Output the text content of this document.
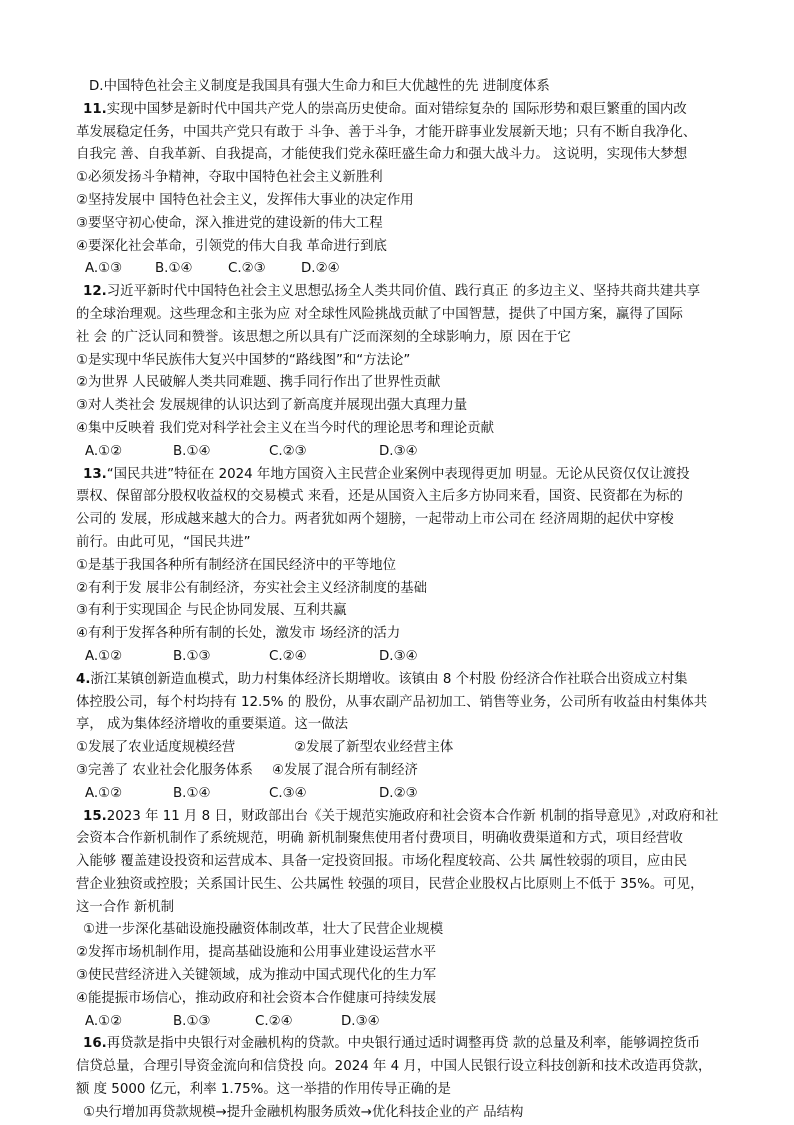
D.中国特色社会主义制度是我国具有强大生命力和巨大优越性的先 进制度体系
11.实现中国梦是新时代中国共产党人的崇高历史使命。面对错综复杂的 国际形势和艰巨繁重的国内改
革发展稳定任务，中国共产党只有敢于 斗争、善于斗争，才能开辟事业发展新天地；只有不断自我净化、
自我完 善、自我革新、自我提高，才能使我们党永葆旺盛生命力和强大战斗力。 这说明，实现伟大梦想
①必须发扬斗争精神，夺取中国特色社会主义新胜利
②坚持发展中 国特色社会主义，发挥伟大事业的决定作用
③要坚守初心使命，深入推进党的建设新的伟大工程
④要深化社会革命，引领党的伟大自我 革命进行到底
A.①③	B.①④	C.②③	D.②④
12.习近平新时代中国特色社会主义思想弘扬全人类共同价值、践行真正 的多边主义、坚持共商共建共享
的全球治理观。这些理念和主张为应 对全球性风险挑战贡献了中国智慧，提供了中国方案，赢得了国际
社 会 的广泛认同和赞誉。该思想之所以具有广泛而深刻的全球影响力，原 因在于它
①是实现中华民族伟大复兴中国梦的“路线图”和“方法论”
②为世界 人民破解人类共同难题、携手同行作出了世界性贡献
③对人类社会 发展规律的认识达到了新高度并展现出强大真理力量
④集中反映着 我们党对科学社会主义在当今时代的理论思考和理论贡献
A.①②	B.①④	C.②③	D.③④
13.“国民共进”特征在 2024 年地方国资入主民营企业案例中表现得更加 明显。无论从民资仅仅让渡投
票权、保留部分股权收益权的交易模式 来看，还是从国资入主后多方协同来看，国资、民资都在为标的
公司的 发展，形成越来越大的合力。两者犹如两个翅膀，一起带动上市公司在 经济周期的起伏中穿梭
前行。由此可见，“国民共进”
①是基于我国各种所有制经济在国民经济中的平等地位
②有利于发 展非公有制经济，夯实社会主义经济制度的基础
③有利于实现国企 与民企协同发展、互利共赢
④有利于发挥各种所有制的长处，激发市 场经济的活力
A.①②	B.①③	C.②④	D.③④
4.浙江某镇创新造血模式，助力村集体经济长期增收。该镇由 8 个村股 份经济合作社联合出资成立村集
体控股公司，每个村均持有 12.5% 的 股份，从事农副产品初加工、销售等业务，公司所有收益由村集体共
享， 成为集体经济增收的重要渠道。这一做法
①发展了农业适度规模经营	②发展了新型农业经营主体
③完善了 农业社会化服务体系 ④发展了混合所有制经济
A.①②	B.①④	C.③④	D.②③
15.2023 年 11 月 8 日，财政部出台《关于规范实施政府和社会资本合作新 机制的指导意见》,对政府和社
会资本合作新机制作了系统规范，明确 新机制聚焦使用者付费项目，明确收费渠道和方式，项目经营收
入能够 覆盖建设投资和运营成本、具备一定投资回报。市场化程度较高、公共 属性较弱的项目，应由民
营企业独资或控股；关系国计民生、公共属性 较强的项目，民营企业股权占比原则上不低于 35%。可见，
这一合作 新机制
①进一步深化基础设施投融资体制改革，壮大了民营企业规模
②发挥市场机制作用，提高基础设施和公用事业建设运营水平
③使民营经济进入关键领域，成为推动中国式现代化的生力军
④能提振市场信心，推动政府和社会资本合作健康可持续发展
A.①②	B.①③	C.②④	D.③④
16.再贷款是指中央银行对金融机构的贷款。中央银行通过适时调整再贷 款的总量及利率，能够调控货币
信贷总量，合理引导资金流向和信贷投 向。2024 年 4 月，中国人民银行设立科技创新和技术改造再贷款，
额 度 5000 亿元，利率 1.75%。这一举措的作用传导正确的是
①央行增加再贷款规模→提升金融机构服务质效→优化科技企业的产 品结构
